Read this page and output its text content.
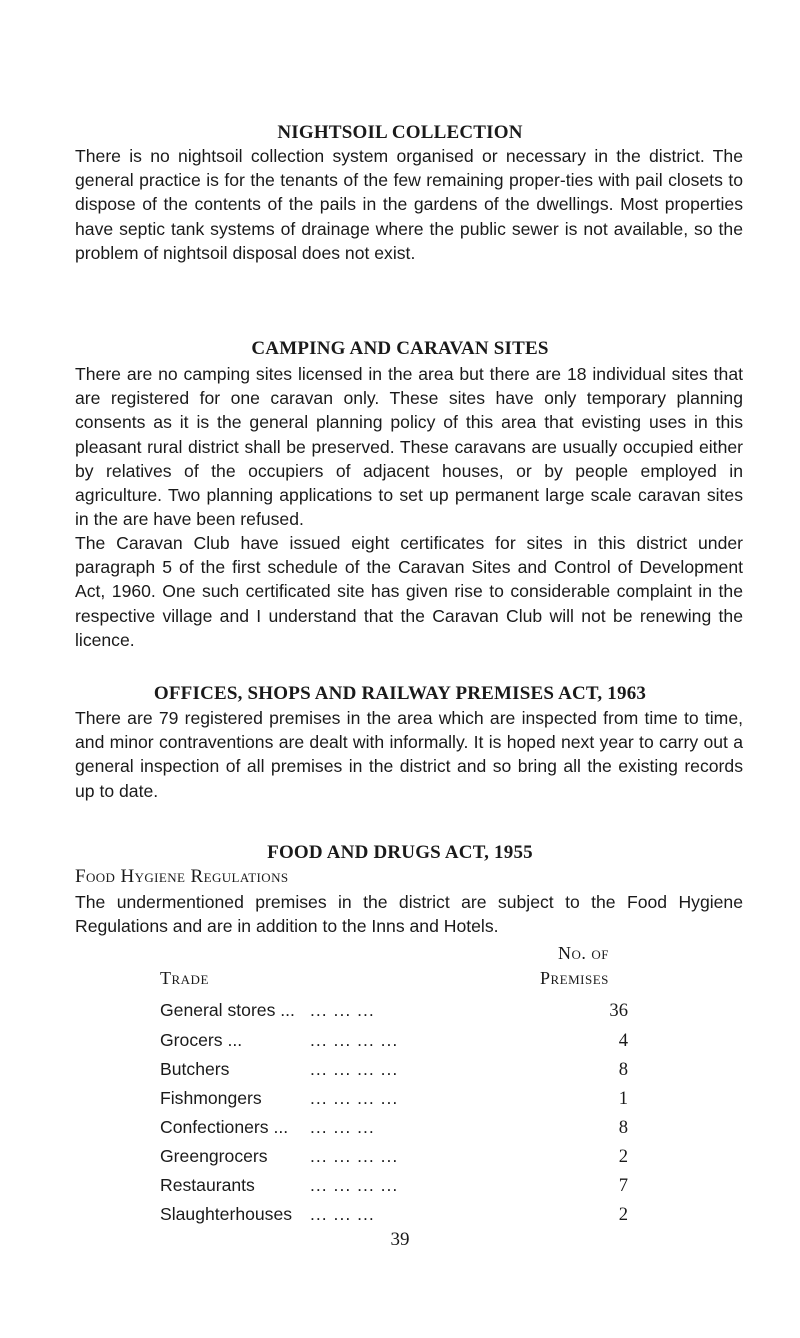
NIGHTSOIL COLLECTION

There is no nightsoil collection system organised or necessary in the district. The general practice is for the tenants of the few remaining proper-ties with pail closets to dispose of the contents of the pails in the gardens of the dwellings. Most properties have septic tank systems of drainage where the public sewer is not available, so the problem of nightsoil disposal does not exist.

CAMPING AND CARAVAN SITES

There are no camping sites licensed in the area but there are 18 individual sites that are registered for one caravan only. These sites have only temporary planning consents as it is the general planning policy of this area that evisting uses in this pleasant rural district shall be preserved. These caravans are usually occupied either by relatives of the occupiers of adjacent houses, or by people employed in agriculture. Two planning applications to set up permanent large scale caravan sites in the are have been refused.

The Caravan Club have issued eight certificates for sites in this district under paragraph 5 of the first schedule of the Caravan Sites and Control of Development Act, 1960. One such certificated site has given rise to considerable complaint in the respective village and I understand that the Caravan Club will not be renewing the licence.

OFFICES, SHOPS AND RAILWAY PREMISES ACT, 1963

There are 79 registered premises in the area which are inspected from time to time, and minor contraventions are dealt with informally. It is hoped next year to carry out a general inspection of all premises in the district and so bring all the existing records up to date.

FOOD AND DRUGS ACT, 1955
Food Hygiene Regulations

The undermentioned premises in the district are subject to the Food Hygiene Regulations and are in addition to the Inns and Hotels.

No. of
Trade	Premises
General stores ... ... ... ...	36
Grocers ...	... ... ... ...	4
Butchers	... ... ... ...	8
Fishmongers	... ... ... ...	1
Confectioners ... ... ... ...	8
Greengrocers ... ... ... ...	2
Restaurants	... ... ... ...	7
Slaughterhouses ... ... ...	2
39
